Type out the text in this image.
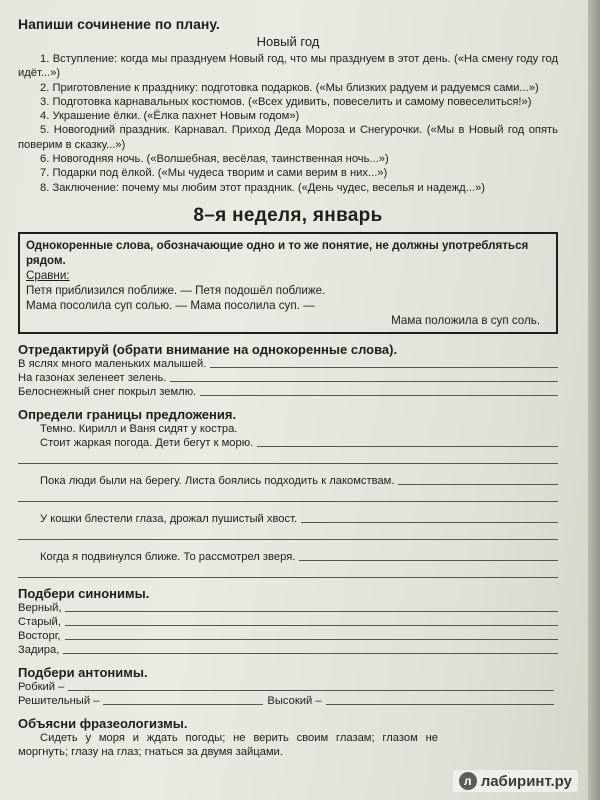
Напиши сочинение по плану.
Новый год

1. Вступление: когда мы празднуем Новый год, что мы празднуем в этот день. («На смену году год идёт...»)

2. Приготовление к празднику: подготовка подарков. («Мы близких радуем и радуемся сами...»)

3. Подготовка карнавальных костюмов. («Всех удивить, повеселить и самому повеселиться!»)

4. Украшение ёлки. («Ёлка пахнет Новым годом»)

5. Новогодний праздник. Карнавал. Приход Деда Мороза и Снегурочки. («Мы в Новый год опять поверим в сказку...»)

6. Новогодняя ночь. («Волшебная, весёлая, таинственная ночь...»)

7. Подарки под ёлкой. («Мы чудеса творим и сами верим в них...»)

8. Заключение: почему мы любим этот праздник. («День чудес, веселья и надежд...»)

8–я неделя, январь
Однокоренные слова, обозначающие одно и то же понятие, не должны употребляться рядом.
Сравни:
Петя приблизился поближе. — Петя подошёл поближе.
Мама посолила суп солью. — Мама посолила суп. —
Мама положила в суп соль.
Отредактируй (обрати внимание на однокоренные слова).
В яслях много маленьких малышей.
На газонах зеленеет зелень.
Белоснежный снег покрыл землю.
Определи границы предложения.
Темно. Кирилл и Ваня сидят у костра.
Стоит жаркая погода. Дети бегут к морю.
Пока люди были на берегу. Листа боялись подходить к лакомствам.
У кошки блестели глаза, дрожал пушистый хвост.
Когда я подвинулся ближе. То рассмотрел зверя.
Подбери синонимы.
Верный,
Старый,
Восторг,
Задира,
Подбери антонимы.
Робкий –
Решительный –	Высокий –
Объясни фразеологизмы.
Сидеть у моря и ждать погоды; не верить своим глазам; глазом не моргнуть; глазу на глаз; гнаться за двумя зайцами.
л лабиринт.ру
